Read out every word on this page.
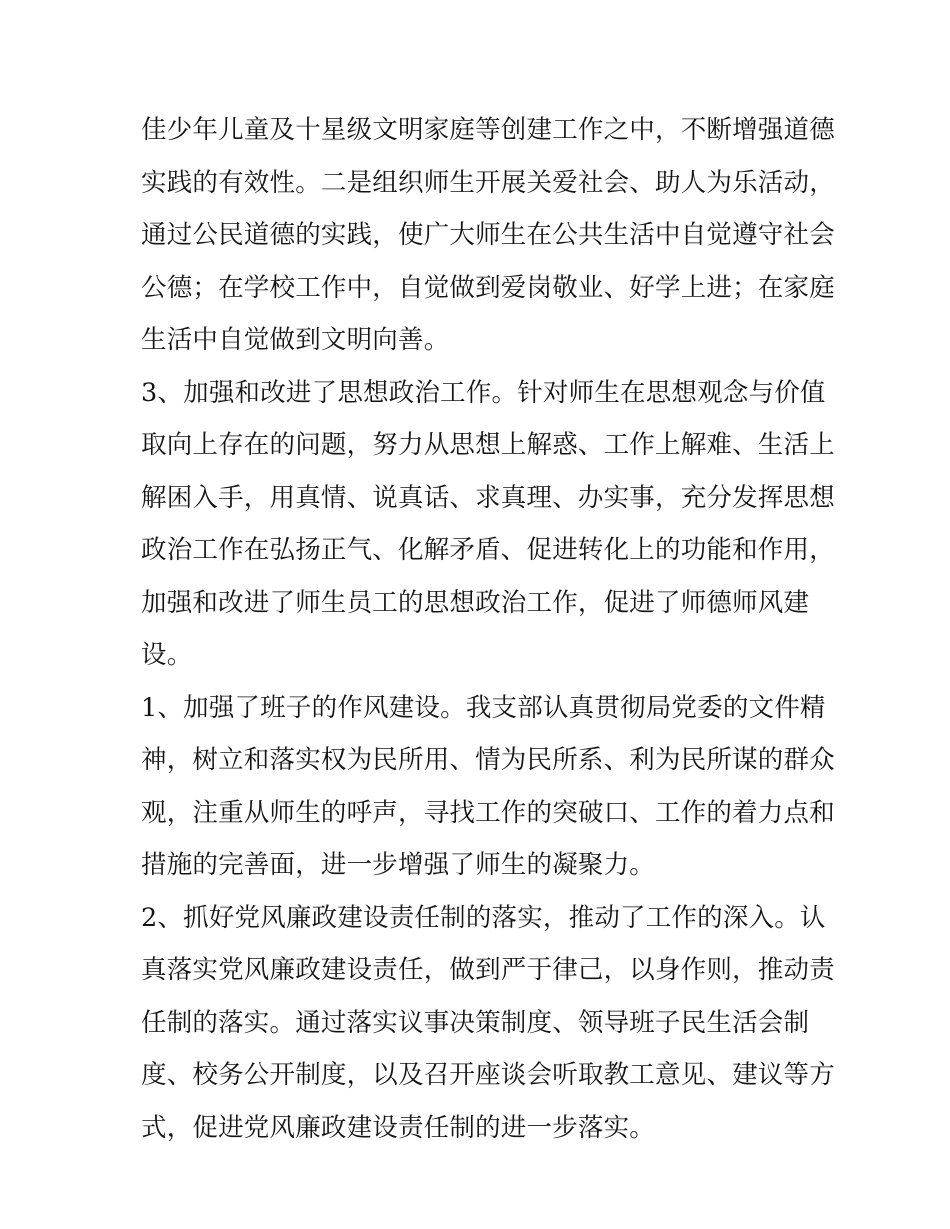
佳少年儿童及十星级文明家庭等创建工作之中，不断增强道德
实践的有效性。二是组织师生开展关爱社会、助人为乐活动，
通过公民道德的实践，使广大师生在公共生活中自觉遵守社会
公德；在学校工作中，自觉做到爱岗敬业、好学上进；在家庭
生活中自觉做到文明向善。
3、加强和改进了思想政治工作。针对师生在思想观念与价值
取向上存在的问题，努力从思想上解惑、工作上解难、生活上
解困入手，用真情、说真话、求真理、办实事，充分发挥思想
政治工作在弘扬正气、化解矛盾、促进转化上的功能和作用，
加强和改进了师生员工的思想政治工作，促进了师德师风建
设。
1、加强了班子的作风建设。我支部认真贯彻局党委的文件精
神，树立和落实权为民所用、情为民所系、利为民所谋的群众
观，注重从师生的呼声，寻找工作的突破口、工作的着力点和
措施的完善面，进一步增强了师生的凝聚力。
2、抓好党风廉政建设责任制的落实，推动了工作的深入。认
真落实党风廉政建设责任，做到严于律己，以身作则，推动责
任制的落实。通过落实议事决策制度、领导班子民生活会制
度、校务公开制度，以及召开座谈会听取教工意见、建议等方
式，促进党风廉政建设责任制的进一步落实。
